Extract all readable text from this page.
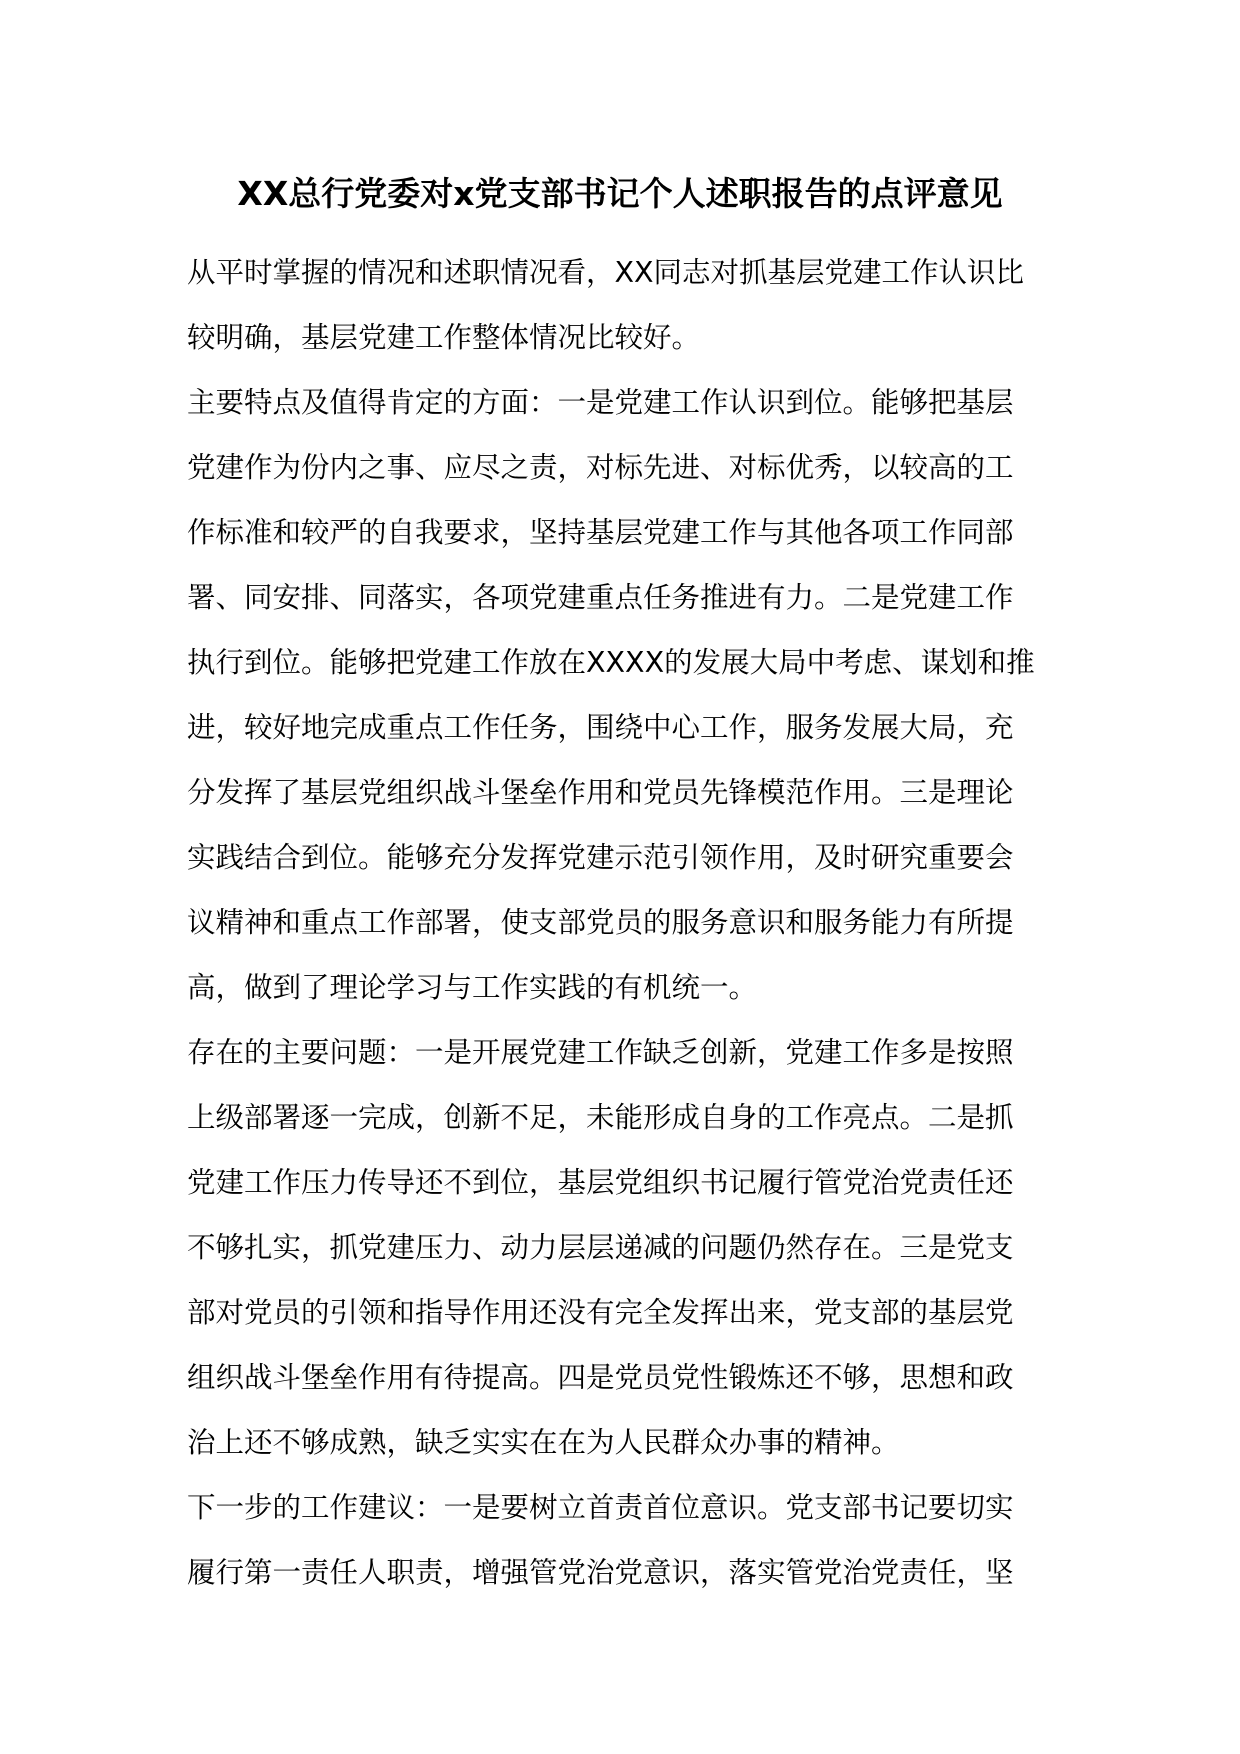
XX总行党委对x党支部书记个人述职报告的点评意见
从平时掌握的情况和述职情况看，XX同志对抓基层党建工作认识比
较明确，基层党建工作整体情况比较好。
主要特点及值得肯定的方面：一是党建工作认识到位。能够把基层
党建作为份内之事、应尽之责，对标先进、对标优秀，以较高的工
作标准和较严的自我要求，坚持基层党建工作与其他各项工作同部
署、同安排、同落实，各项党建重点任务推进有力。二是党建工作
执行到位。能够把党建工作放在XXXX的发展大局中考虑、谋划和推
进，较好地完成重点工作任务，围绕中心工作，服务发展大局，充
分发挥了基层党组织战斗堡垒作用和党员先锋模范作用。三是理论
实践结合到位。能够充分发挥党建示范引领作用，及时研究重要会
议精神和重点工作部署，使支部党员的服务意识和服务能力有所提
高，做到了理论学习与工作实践的有机统一。
存在的主要问题：一是开展党建工作缺乏创新，党建工作多是按照
上级部署逐一完成，创新不足，未能形成自身的工作亮点。二是抓
党建工作压力传导还不到位，基层党组织书记履行管党治党责任还
不够扎实，抓党建压力、动力层层递减的问题仍然存在。三是党支
部对党员的引领和指导作用还没有完全发挥出来，党支部的基层党
组织战斗堡垒作用有待提高。四是党员党性锻炼还不够，思想和政
治上还不够成熟，缺乏实实在在为人民群众办事的精神。
下一步的工作建议：一是要树立首责首位意识。党支部书记要切实
履行第一责任人职责，增强管党治党意识，落实管党治党责任，坚
